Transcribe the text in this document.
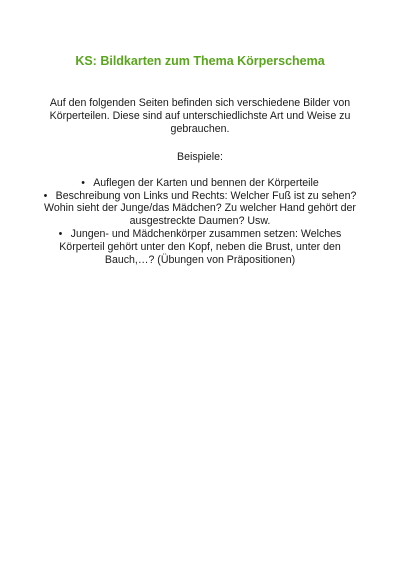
KS: Bildkarten zum Thema Körperschema

Auf den folgenden Seiten befinden sich verschiedene Bilder von Körperteilen. Diese sind auf unterschiedlichste Art und Weise zu gebrauchen.

Beispiele:

• Auflegen der Karten und bennen der Körperteile
• Beschreibung von Links und Rechts: Welcher Fuß ist zu sehen? Wohin sieht der Junge/das Mädchen? Zu welcher Hand gehört der ausgestreckte Daumen? Usw.
• Jungen- und Mädchenkörper zusammen setzen: Welches Körperteil gehört unter den Kopf, neben die Brust, unter den Bauch,…? (Übungen von Präpositionen)
